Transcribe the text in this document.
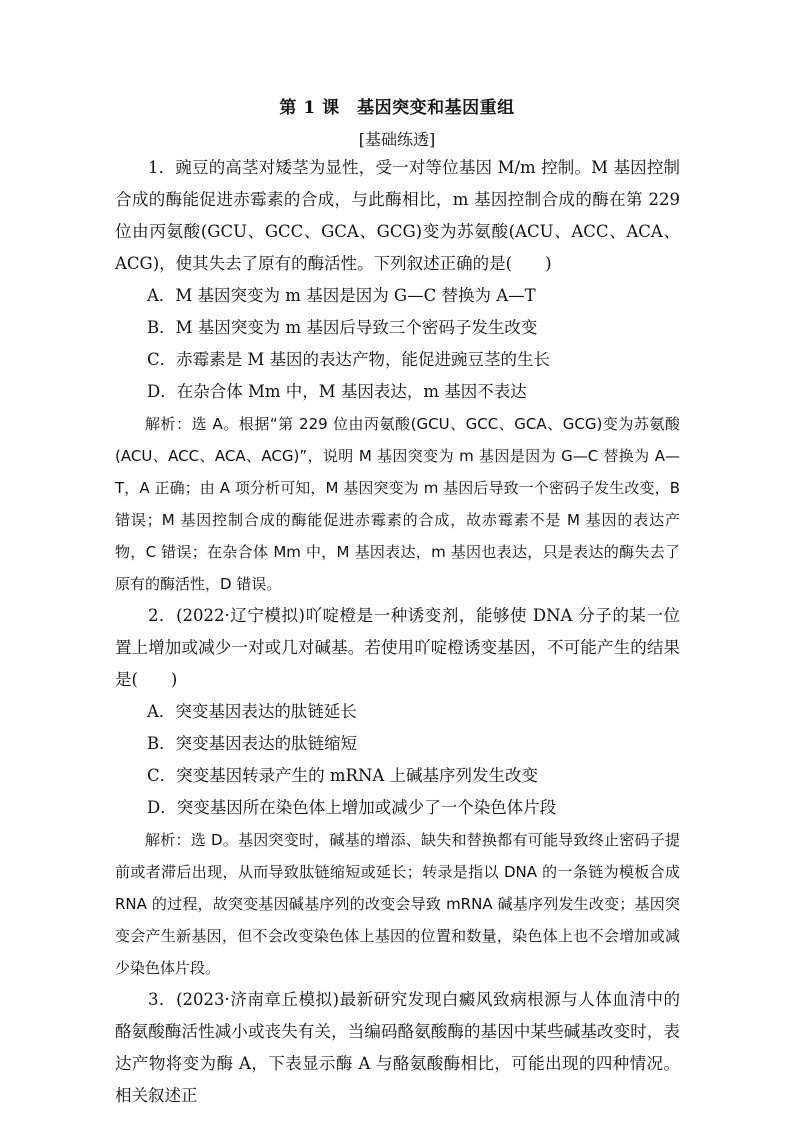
第 1 课　基因突变和基因重组
[基础练透]

1．豌豆的高茎对矮茎为显性，受一对等位基因 M/m 控制。M 基因控制合成的酶能促进赤霉素的合成，与此酶相比，m 基因控制合成的酶在第 229 位由丙氨酸(GCU、GCC、GCA、GCG)变为苏氨酸(ACU、ACC、ACA、ACG)，使其失去了原有的酶活性。下列叙述正确的是(　　)

A．M 基因突变为 m 基因是因为 G—C 替换为 A—T

B．M 基因突变为 m 基因后导致三个密码子发生改变

C．赤霉素是 M 基因的表达产物，能促进豌豆茎的生长

D．在杂合体 Mm 中，M 基因表达，m 基因不表达

解析：选 A。根据“第 229 位由丙氨酸(GCU、GCC、GCA、GCG)变为苏氨酸(ACU、ACC、ACA、ACG)”，说明 M 基因突变为 m 基因是因为 G—C 替换为 A—T，A 正确；由 A 项分析可知，M 基因突变为 m 基因后导致一个密码子发生改变，B 错误；M 基因控制合成的酶能促进赤霉素的合成，故赤霉素不是 M 基因的表达产物，C 错误；在杂合体 Mm 中，M 基因表达，m 基因也表达，只是表达的酶失去了原有的酶活性，D 错误。

2．(2022·辽宁模拟)吖啶橙是一种诱变剂，能够使 DNA 分子的某一位置上增加或减少一对或几对碱基。若使用吖啶橙诱变基因，不可能产生的结果是(　　)

A．突变基因表达的肽链延长

B．突变基因表达的肽链缩短

C．突变基因转录产生的 mRNA 上碱基序列发生改变

D．突变基因所在染色体上增加或减少了一个染色体片段

解析：选 D。基因突变时，碱基的增添、缺失和替换都有可能导致终止密码子提前或者滞后出现，从而导致肽链缩短或延长；转录是指以 DNA 的一条链为模板合成 RNA 的过程，故突变基因碱基序列的改变会导致 mRNA 碱基序列发生改变；基因突变会产生新基因，但不会改变染色体上基因的位置和数量，染色体上也不会增加或减少染色体片段。

3．(2023·济南章丘模拟)最新研究发现白癜风致病根源与人体血清中的酪氨酸酶活性减小或丧失有关，当编码酪氨酸酶的基因中某些碱基改变时，表达产物将变为酶 A，下表显示酶 A 与酪氨酸酶相比，可能出现的四种情况。相关叙述正
